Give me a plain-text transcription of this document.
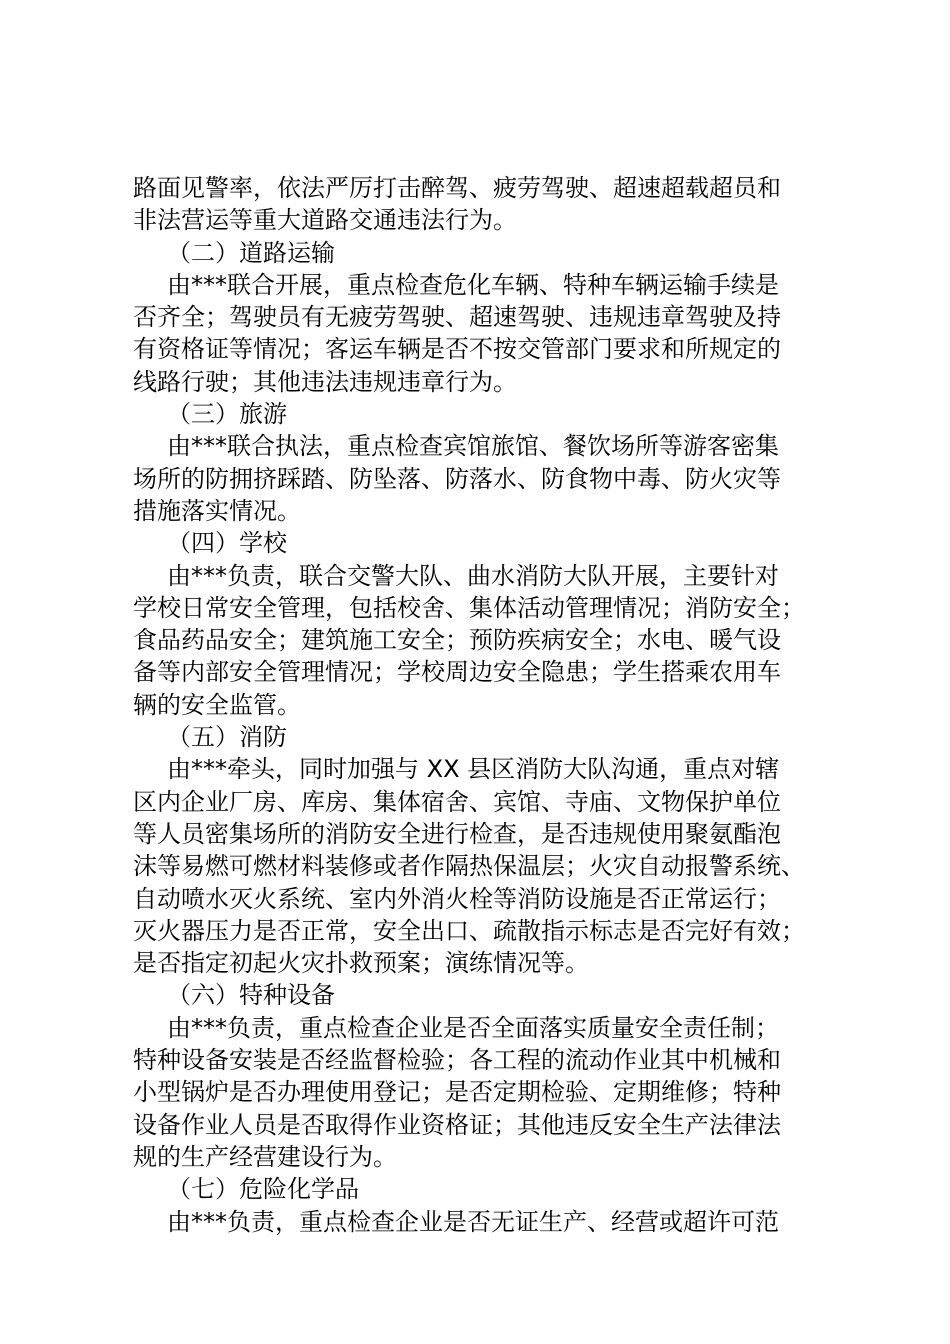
路面见警率，依法严厉打击醉驾、疲劳驾驶、超速超载超员和
非法营运等重大道路交通违法行为。
（二）道路运输
由***联合开展，重点检查危化车辆、特种车辆运输手续是
否齐全；驾驶员有无疲劳驾驶、超速驾驶、违规违章驾驶及持
有资格证等情况；客运车辆是否不按交管部门要求和所规定的
线路行驶；其他违法违规违章行为。
（三）旅游
由***联合执法，重点检查宾馆旅馆、餐饮场所等游客密集
场所的防拥挤踩踏、防坠落、防落水、防食物中毒、防火灾等
措施落实情况。
（四）学校
由***负责，联合交警大队、曲水消防大队开展，主要针对
学校日常安全管理，包括校舍、集体活动管理情况；消防安全；
食品药品安全；建筑施工安全；预防疾病安全；水电、暖气设
备等内部安全管理情况；学校周边安全隐患；学生搭乘农用车
辆的安全监管。
（五）消防
由***牵头，同时加强与 XX 县区消防大队沟通，重点对辖
区内企业厂房、库房、集体宿舍、宾馆、寺庙、文物保护单位
等人员密集场所的消防安全进行检查，是否违规使用聚氨酯泡
沫等易燃可燃材料装修或者作隔热保温层；火灾自动报警系统、
自动喷水灭火系统、室内外消火栓等消防设施是否正常运行；
灭火器压力是否正常，安全出口、疏散指示标志是否完好有效；
是否指定初起火灾扑救预案；演练情况等。
（六）特种设备
由***负责，重点检查企业是否全面落实质量安全责任制；
特种设备安装是否经监督检验；各工程的流动作业其中机械和
小型锅炉是否办理使用登记；是否定期检验、定期维修；特种
设备作业人员是否取得作业资格证；其他违反安全生产法律法
规的生产经营建设行为。
（七）危险化学品
由***负责，重点检查企业是否无证生产、经营或超许可范
